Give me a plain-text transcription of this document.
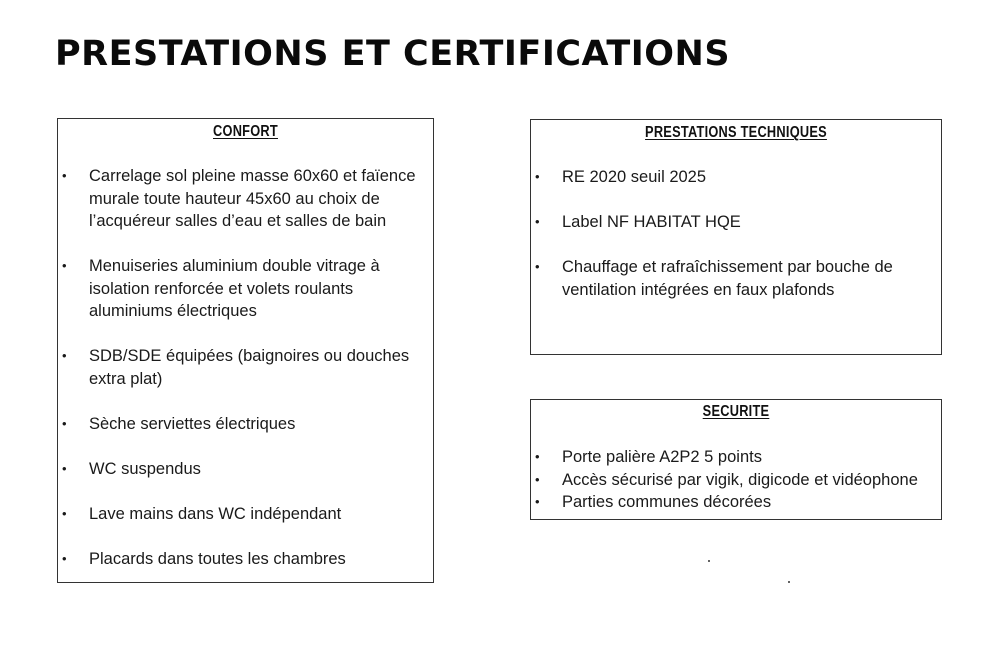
PRESTATIONS ET CERTIFICATIONS
CONFORT
• Carrelage sol pleine masse 60x60 et faïence murale toute hauteur 45x60 au choix de l’acquéreur salles d’eau et salles de bain
• Menuiseries aluminium double vitrage à isolation renforcée et volets roulants aluminiums électriques
• SDB/SDE équipées (baignoires ou douches extra plat)
• Sèche serviettes électriques
• WC suspendus
• Lave mains dans WC indépendant
• Placards dans toutes les chambres
PRESTATIONS TECHNIQUES
• RE 2020 seuil 2025
• Label NF HABITAT HQE
• Chauffage et rafraîchissement par bouche de ventilation intégrées en faux plafonds
SECURITE
• Porte palière A2P2 5 points
• Accès sécurisé par vigik, digicode et vidéophone
• Parties communes décorées
